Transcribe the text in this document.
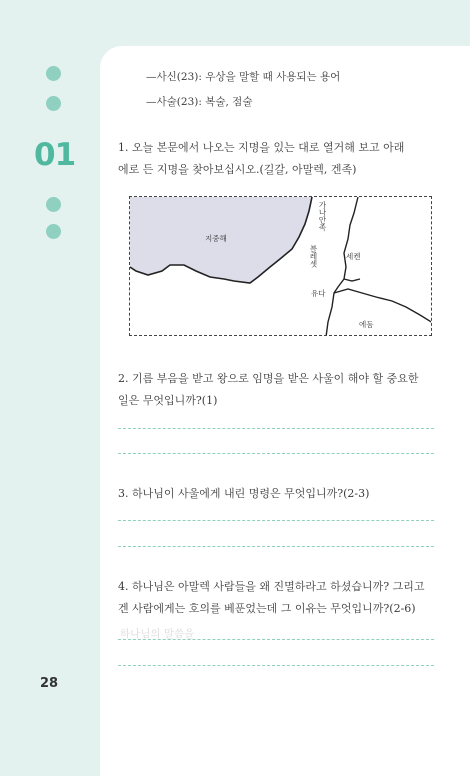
01
28
—사신(23): 우상을 말할 때 사용되는 용어
—사술(23): 복술, 점술
1. 오늘 본문에서 나오는 지명을 있는 대로 열거해 보고 아래
에로 든 지명을 찾아보십시오.(길갈, 아말렉, 겐족)
지중해
가나안족
블레셋	세켄
유다
에돔
2. 기름 부음을 받고 왕으로 임명을 받은 사울이 해야 할 중요한
일은 무엇입니까?(1)
3. 하나님이 사울에게 내린 명령은 무엇입니까?(2-3)
4. 하나님은 아말렉 사람들을 왜 진멸하라고 하셨습니까? 그리고
겐 사람에게는 호의를 베푼었는데 그 이유는 무엇입니까?(2-6)
하나님의 말씀을
